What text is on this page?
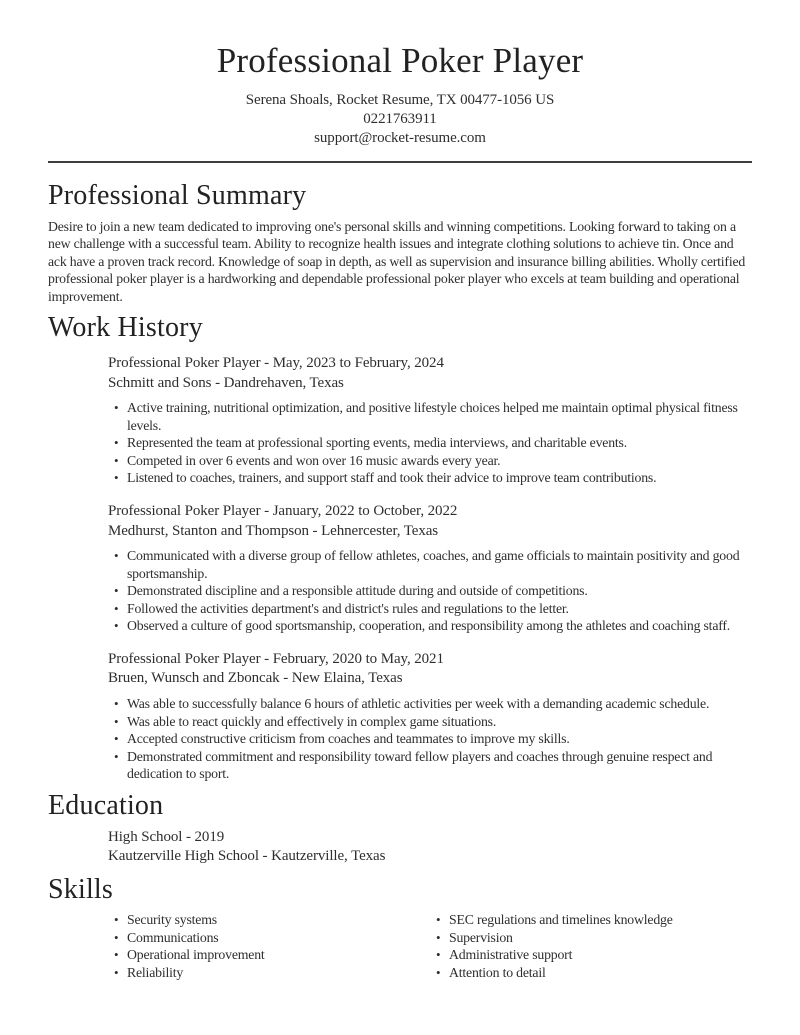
Professional Poker Player
Serena Shoals, Rocket Resume, TX 00477-1056 US
0221763911
support@rocket-resume.com
Professional Summary

Desire to join a new team dedicated to improving one's personal skills and winning competitions. Looking forward to taking on a new challenge with a successful team. Ability to recognize health issues and integrate clothing solutions to achieve tin. Once and ack have a proven track record. Knowledge of soap in depth, as well as supervision and insurance billing abilities. Wholly certified professional poker player is a hardworking and dependable professional poker player who excels at team building and operational improvement.

Work History
Professional Poker Player - May, 2023 to February, 2024
Schmitt and Sons - Dandrehaven, Texas
• Active training, nutritional optimization, and positive lifestyle choices helped me maintain optimal physical fitness levels.
• Represented the team at professional sporting events, media interviews, and charitable events.
• Competed in over 6 events and won over 16 music awards every year.
• Listened to coaches, trainers, and support staff and took their advice to improve team contributions.
Professional Poker Player - January, 2022 to October, 2022
Medhurst, Stanton and Thompson - Lehnercester, Texas
• Communicated with a diverse group of fellow athletes, coaches, and game officials to maintain positivity and good sportsmanship.
• Demonstrated discipline and a responsible attitude during and outside of competitions.
• Followed the activities department's and district's rules and regulations to the letter.
• Observed a culture of good sportsmanship, cooperation, and responsibility among the athletes and coaching staff.
Professional Poker Player - February, 2020 to May, 2021
Bruen, Wunsch and Zboncak - New Elaina, Texas
• Was able to successfully balance 6 hours of athletic activities per week with a demanding academic schedule.
• Was able to react quickly and effectively in complex game situations.
• Accepted constructive criticism from coaches and teammates to improve my skills.
• Demonstrated commitment and responsibility toward fellow players and coaches through genuine respect and dedication to sport.
Education
High School - 2019
Kautzerville High School - Kautzerville, Texas
Skills
• Security systems
• Communications
• Operational improvement
• Reliability
• SEC regulations and timelines knowledge
• Supervision
• Administrative support
• Attention to detail
